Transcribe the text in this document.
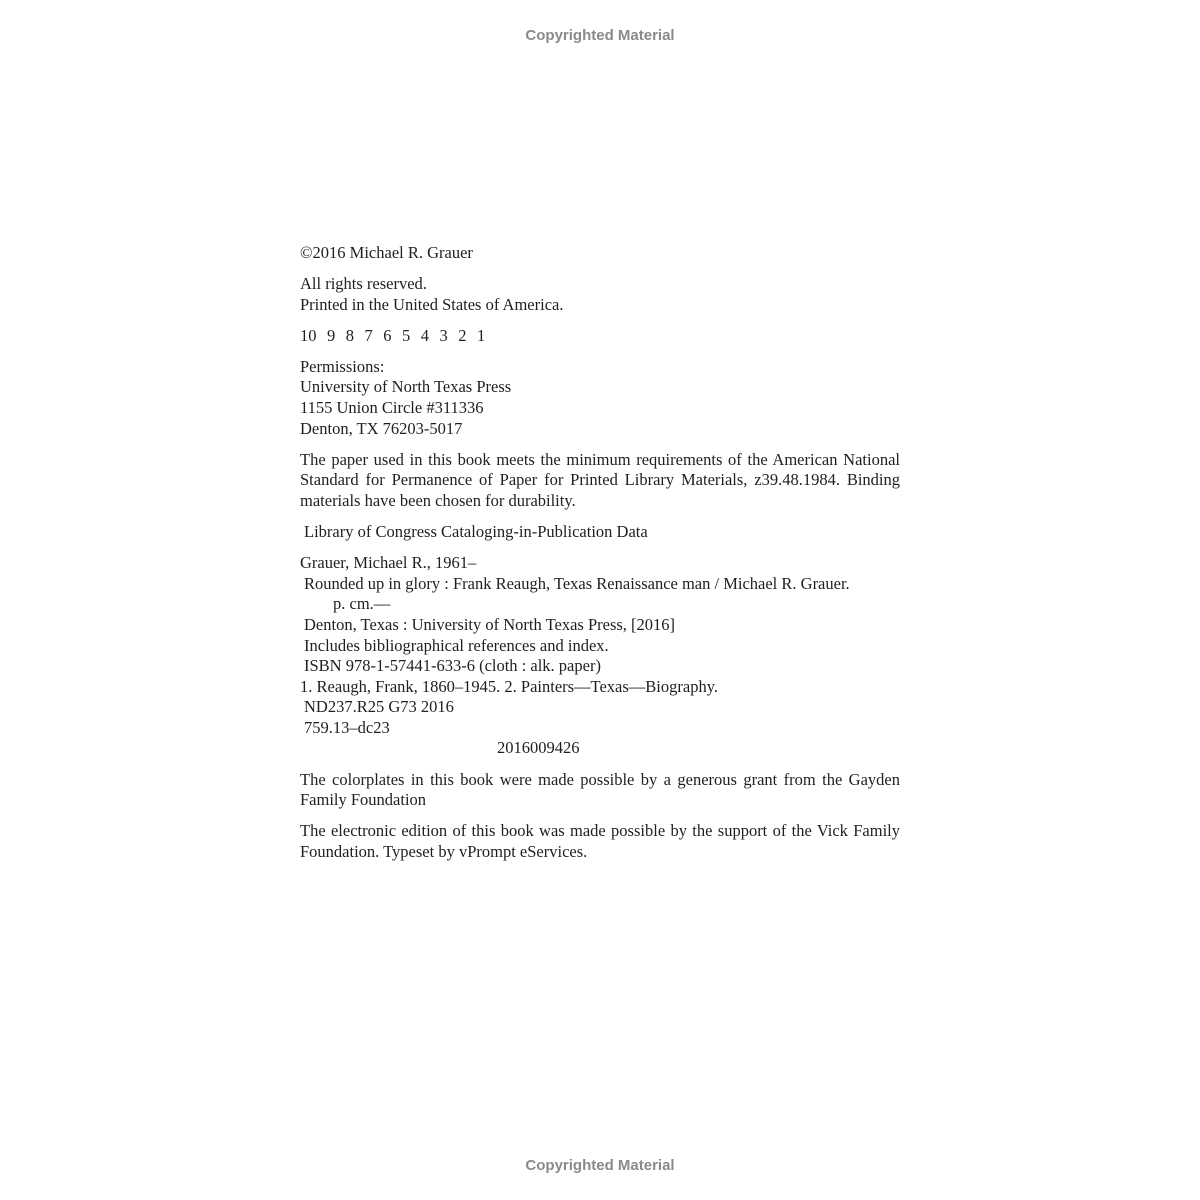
Copyrighted Material
©2016 Michael R. Grauer
All rights reserved.
Printed in the United States of America.
10 9 8 7 6 5 4 3 2 1
Permissions:
University of North Texas Press
1155 Union Circle #311336
Denton, TX 76203-5017
The paper used in this book meets the minimum requirements of the American National Standard for Permanence of Paper for Printed Library Materials, z39.48.1984. Binding materials have been chosen for durability.
Library of Congress Cataloging-in-Publication Data
Grauer, Michael R., 1961–
Rounded up in glory : Frank Reaugh, Texas Renaissance man / Michael R. Grauer.
p. cm.—
Denton, Texas : University of North Texas Press, [2016]
Includes bibliographical references and index.
ISBN 978-1-57441-633-6 (cloth : alk. paper)
1. Reaugh, Frank, 1860–1945. 2. Painters—Texas—Biography.
ND237.R25 G73 2016
759.13–dc23
2016009426
The colorplates in this book were made possible by a generous grant from the Gayden Family Foundation
The electronic edition of this book was made possible by the support of the Vick Family Foundation. Typeset by vPrompt eServices.
Copyrighted Material
